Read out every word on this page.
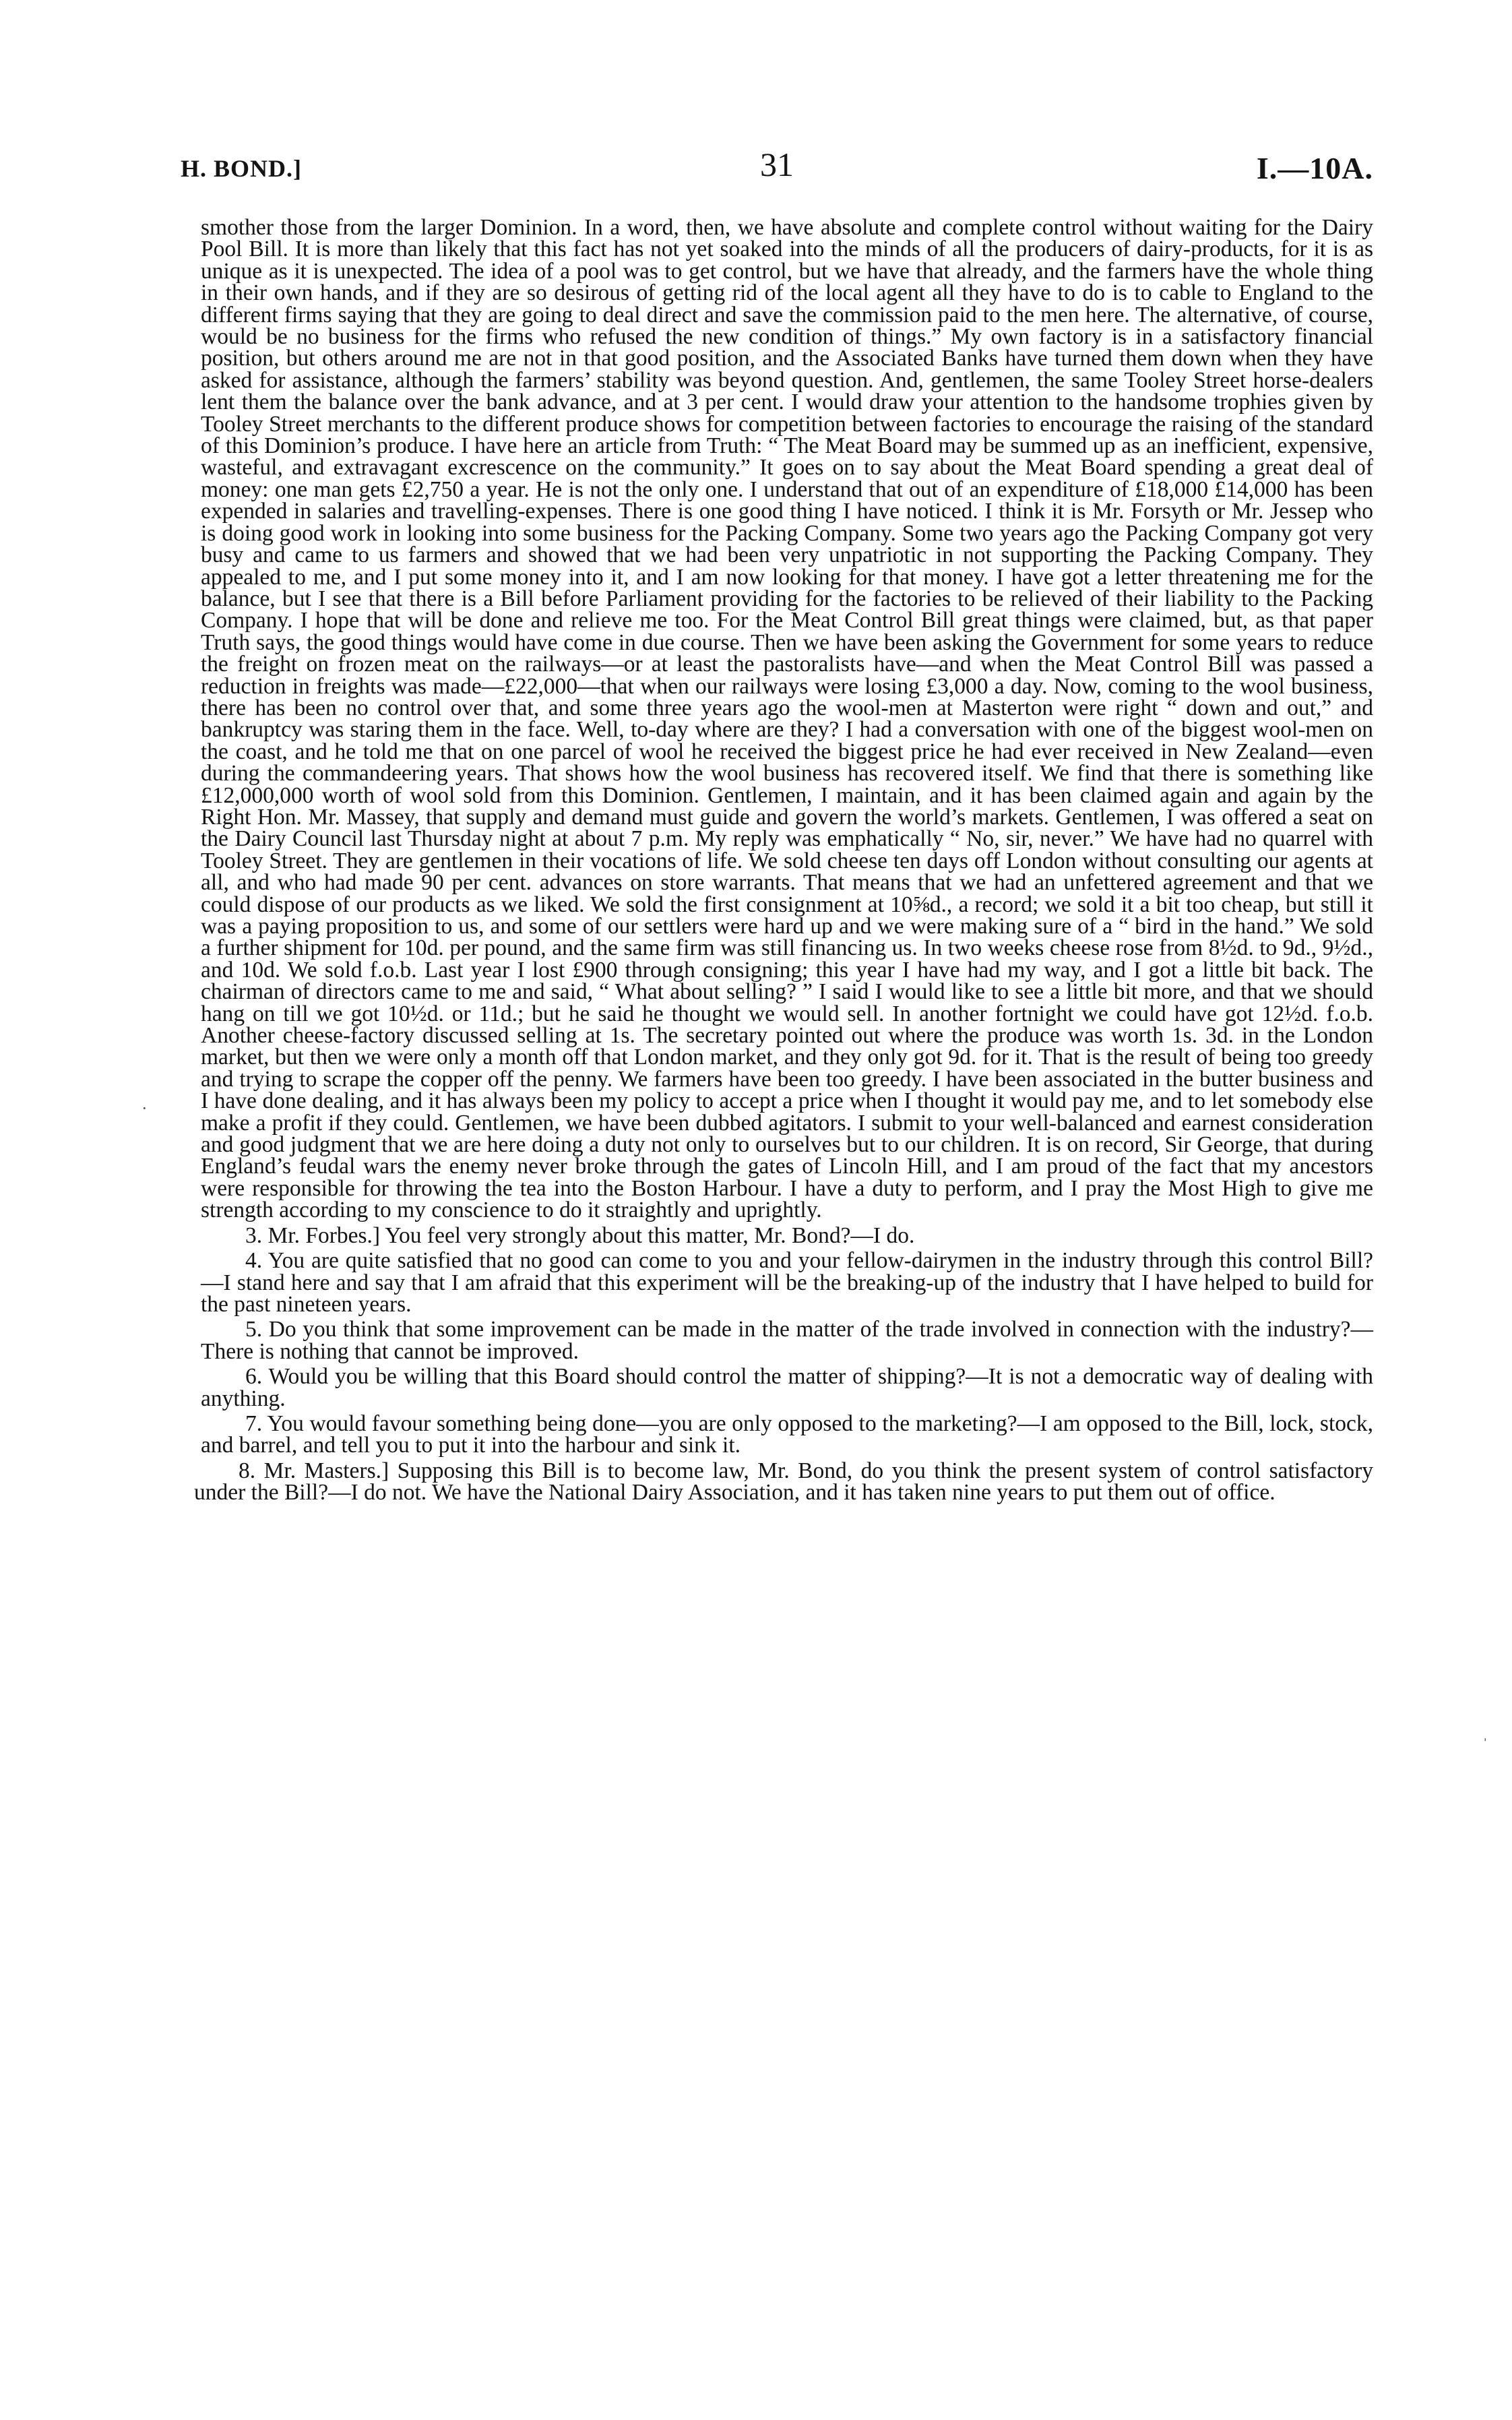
H. BOND.]	31	I.—10A.

smother those from the larger Dominion. In a word, then, we have absolute and complete control without waiting for the Dairy Pool Bill. It is more than likely that this fact has not yet soaked into the minds of all the producers of dairy-products, for it is as unique as it is unexpected. The idea of a pool was to get control, but we have that already, and the farmers have the whole thing in their own hands, and if they are so desirous of getting rid of the local agent all they have to do is to cable to England to the different firms saying that they are going to deal direct and save the commission paid to the men here. The alternative, of course, would be no business for the firms who refused the new condition of things.” My own factory is in a satisfactory financial position, but others around me are not in that good position, and the Associated Banks have turned them down when they have asked for assistance, although the farmers’ stability was beyond question. And, gentlemen, the same Tooley Street horse-dealers lent them the balance over the bank advance, and at 3 per cent. I would draw your attention to the handsome trophies given by Tooley Street merchants to the different produce shows for competition between factories to encourage the raising of the standard of this Dominion’s produce. I have here an article from Truth: “ The Meat Board may be summed up as an inefficient, expensive, wasteful, and extravagant excrescence on the community.” It goes on to say about the Meat Board spending a great deal of money: one man gets £2,750 a year. He is not the only one. I understand that out of an expenditure of £18,000 £14,000 has been expended in salaries and travelling-expenses. There is one good thing I have noticed. I think it is Mr. Forsyth or Mr. Jessep who is doing good work in looking into some business for the Packing Company. Some two years ago the Packing Company got very busy and came to us farmers and showed that we had been very unpatriotic in not supporting the Packing Company. They appealed to me, and I put some money into it, and I am now looking for that money. I have got a letter threatening me for the balance, but I see that there is a Bill before Parliament providing for the factories to be relieved of their liability to the Packing Company. I hope that will be done and relieve me too. For the Meat Control Bill great things were claimed, but, as that paper Truth says, the good things would have come in due course. Then we have been asking the Government for some years to reduce the freight on frozen meat on the railways—or at least the pastoralists have—and when the Meat Control Bill was passed a reduction in freights was made—£22,000—that when our railways were losing £3,000 a day. Now, coming to the wool business, there has been no control over that, and some three years ago the wool-men at Masterton were right “ down and out,” and bankruptcy was staring them in the face. Well, to-day where are they? I had a conversation with one of the biggest wool-men on the coast, and he told me that on one parcel of wool he received the biggest price he had ever received in New Zealand—even during the commandeering years. That shows how the wool business has recovered itself. We find that there is something like £12,000,000 worth of wool sold from this Dominion. Gentlemen, I maintain, and it has been claimed again and again by the Right Hon. Mr. Massey, that supply and demand must guide and govern the world’s markets. Gentlemen, I was offered a seat on the Dairy Council last Thursday night at about 7 p.m. My reply was emphatically “ No, sir, never.” We have had no quarrel with Tooley Street. They are gentlemen in their vocations of life. We sold cheese ten days off London without consulting our agents at all, and who had made 90 per cent. advances on store warrants. That means that we had an unfettered agreement and that we could dispose of our products as we liked. We sold the first consignment at 10⅝d., a record; we sold it a bit too cheap, but still it was a paying proposition to us, and some of our settlers were hard up and we were making sure of a “ bird in the hand.” We sold a further shipment for 10d. per pound, and the same firm was still financing us. In two weeks cheese rose from 8½d. to 9d., 9½d., and 10d. We sold f.o.b. Last year I lost £900 through consigning; this year I have had my way, and I got a little bit back. The chairman of directors came to me and said, “ What about selling? ” I said I would like to see a little bit more, and that we should hang on till we got 10½d. or 11d.; but he said he thought we would sell. In another fortnight we could have got 12½d. f.o.b. Another cheese-factory discussed selling at 1s. The secretary pointed out where the produce was worth 1s. 3d. in the London market, but then we were only a month off that London market, and they only got 9d. for it. That is the result of being too greedy and trying to scrape the copper off the penny. We farmers have been too greedy. I have been associated in the butter business and I have done dealing, and it has always been my policy to accept a price when I thought it would pay me, and to let somebody else make a profit if they could. Gentlemen, we have been dubbed agitators. I submit to your well-balanced and earnest consideration and good judgment that we are here doing a duty not only to ourselves but to our children. It is on record, Sir George, that during England’s feudal wars the enemy never broke through the gates of Lincoln Hill, and I am proud of the fact that my ancestors were responsible for throwing the tea into the Boston Harbour. I have a duty to perform, and I pray the Most High to give me strength according to my conscience to do it straightly and uprightly.

3. Mr. Forbes.] You feel very strongly about this matter, Mr. Bond?—I do.

4. You are quite satisfied that no good can come to you and your fellow-dairymen in the industry through this control Bill?—I stand here and say that I am afraid that this experiment will be the breaking-up of the industry that I have helped to build for the past nineteen years.

5. Do you think that some improvement can be made in the matter of the trade involved in connection with the industry?—There is nothing that cannot be improved.

6. Would you be willing that this Board should control the matter of shipping?—It is not a democratic way of dealing with anything.

7. You would favour something being done—you are only opposed to the marketing?—I am opposed to the Bill, lock, stock, and barrel, and tell you to put it into the harbour and sink it.

8. Mr. Masters.] Supposing this Bill is to become law, Mr. Bond, do you think the present system of control satisfactory under the Bill?—I do not. We have the National Dairy Association, and it has taken nine years to put them out of office.

·
ˌ
